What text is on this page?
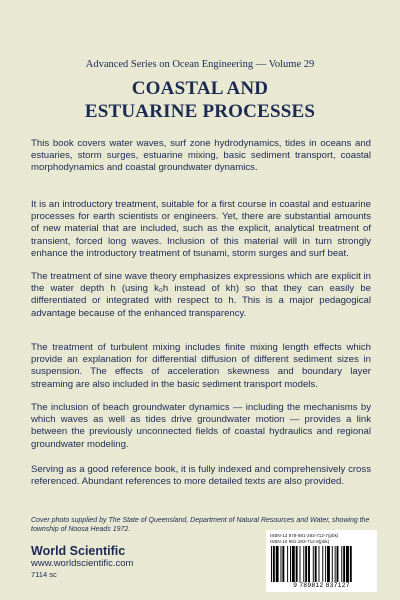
Advanced Series on Ocean Engineering — Volume 29
COASTAL AND
ESTUARINE PROCESSES

This book covers water waves, surf zone hydrodynamics, tides in oceans and estuaries, storm surges, estuarine mixing, basic sediment transport, coastal morphodynamics and coastal groundwater dynamics.

It is an introductory treatment, suitable for a first course in coastal and estuarine processes for earth scientists or engineers. Yet, there are substantial amounts of new material that are included, such as the explicit, analytical treatment of transient, forced long waves. Inclusion of this material will in turn strongly enhance the introductory treatment of tsunami, storm surges and surf beat.

The treatment of sine wave theory emphasizes expressions which are explicit in the water depth h (using k₀h instead of kh) so that they can easily be differentiated or integrated with respect to h. This is a major pedagogical advantage because of the enhanced transparency.

The treatment of turbulent mixing includes finite mixing length effects which provide an explanation for differential diffusion of different sediment sizes in suspension. The effects of acceleration skewness and boundary layer streaming are also included in the basic sediment transport models.

The inclusion of beach groundwater dynamics — including the mechanisms by which waves as well as tides drive groundwater motion — provides a link between the previously unconnected fields of coastal hydraulics and regional groundwater modeling.

Serving as a good reference book, it is fully indexed and comprehensively cross referenced. Abundant references to more detailed texts are also provided.

Cover photo supplied by The State of Queensland, Department of Natural Resources and Water, showing the township of Noosa Heads 1972.

World Scientific
www.worldscientific.com
7114 sc
ISBN-13 978-981-283-712-7(pbk)
ISBN-10 981-283-712-8(pbk)
9 789812 837127
